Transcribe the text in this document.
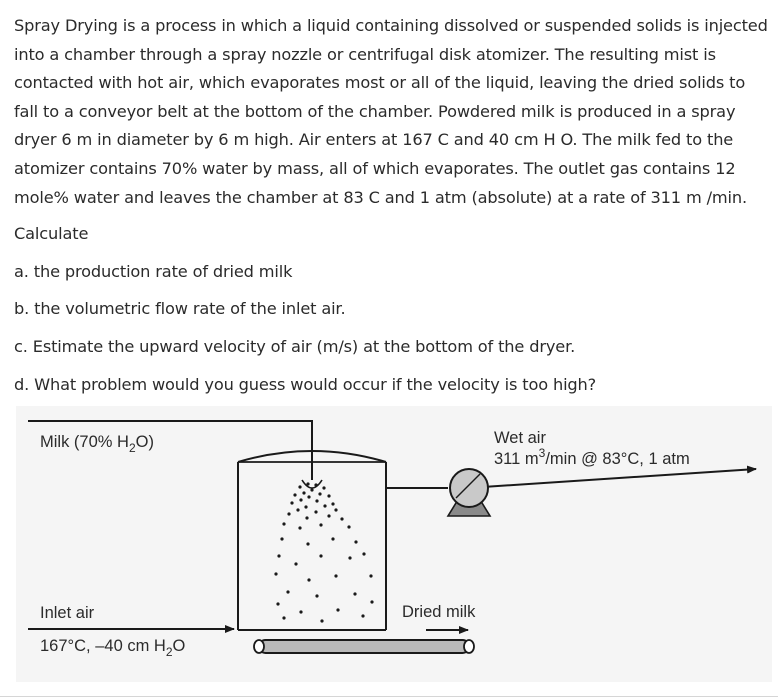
Spray Drying is a process in which a liquid containing dissolved or suspended solids is injected
into a chamber through a spray nozzle or centrifugal disk atomizer. The resulting mist is
contacted with hot air, which evaporates most or all of the liquid, leaving the dried solids to
fall to a conveyor belt at the bottom of the chamber. Powdered milk is produced in a spray
dryer 6 m in diameter by 6 m high. Air enters at 167 C and 40 cm H O. The milk fed to the
atomizer contains 70% water by mass, all of which evaporates. The outlet gas contains 12
mole% water and leaves the chamber at 83 C and 1 atm (absolute) at a rate of 311 m /min.

Calculate

a. the production rate of dried milk

b. the volumetric flow rate of the inlet air.

c. Estimate the upward velocity of air (m/s) at the bottom of the dryer.

d. What problem would you guess would occur if the velocity is too high?

Milk (70% $H_2O$)	Wet air
311 $m^3/\min$ @ 83°C, 1 atm
Inlet air
167°C, –40 cm $H_2O$
Dried milk
